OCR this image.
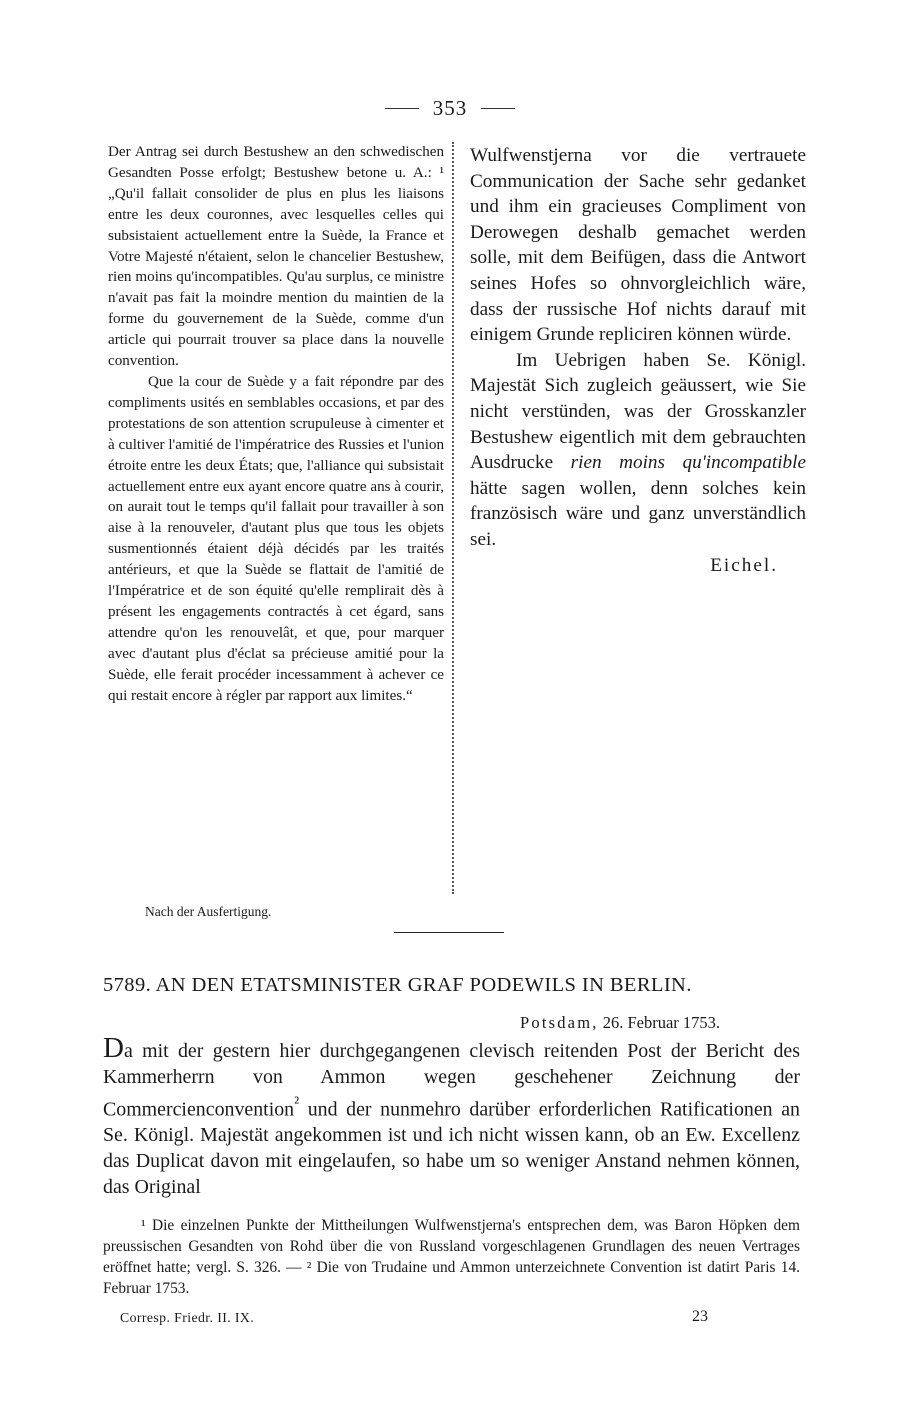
353

Der Antrag sei durch Bestushew an den schwedischen Gesandten Posse erfolgt; Bestushew betone u. A.: ¹ „Qu'il fallait consolider de plus en plus les liaisons entre les deux couronnes, avec lesquelles celles qui subsistaient actuellement entre la Suède, la France et Votre Majesté n'étaient, selon le chancelier Bestushew, rien moins qu'incompatibles. Qu'au surplus, ce ministre n'avait pas fait la moindre mention du maintien de la forme du gouvernement de la Suède, comme d'un article qui pourrait trouver sa place dans la nouvelle convention.

Que la cour de Suède y a fait répondre par des compliments usités en semblables occasions, et par des protestations de son attention scrupuleuse à cimenter et à cultiver l'amitié de l'impératrice des Russies et l'union étroite entre les deux États; que, l'alliance qui subsistait actuellement entre eux ayant encore quatre ans à courir, on aurait tout le temps qu'il fallait pour travailler à son aise à la renouveler, d'autant plus que tous les objets susmentionnés étaient déjà décidés par les traités antérieurs, et que la Suède se flattait de l'amitié de l'Impératrice et de son équité qu'elle remplirait dès à présent les engagements contractés à cet égard, sans attendre qu'on les renouvelât, et que, pour marquer avec d'autant plus d'éclat sa précieuse amitié pour la Suède, elle ferait procéder incessamment à achever ce qui restait encore à régler par rapport aux limites.“

Wulfwenstjerna vor die vertrauete Communication der Sache sehr gedanket und ihm ein gracieuses Compliment von Derowegen deshalb gemachet werden solle, mit dem Beifügen, dass die Antwort seines Hofes so ohnvorgleichlich wäre, dass der russische Hof nichts darauf mit einigem Grunde repliciren können würde.

Im Uebrigen haben Se. Königl. Majestät Sich zugleich geäussert, wie Sie nicht verstünden, was der Grosskanzler Bestushew eigentlich mit dem gebrauchten Ausdrucke rien moins qu'incompatible hätte sagen wollen, denn solches kein französisch wäre und ganz unverständlich sei.

Eichel.

Nach der Ausfertigung.
5789. AN DEN ETATSMINISTER GRAF PODEWILS IN BERLIN.
Potsdam, 26. Februar 1753.

Da mit der gestern hier durchgegangenen clevisch reitenden Post der Bericht des Kammerherrn von Ammon wegen geschehener Zeichnung der Commercienconvention$^{^2}$ und der nunmehro darüber erforderlichen Ratificationen an Se. Königl. Majestät angekommen ist und ich nicht wissen kann, ob an Ew. Excellenz das Duplicat davon mit eingelaufen, so habe um so weniger Anstand nehmen können, das Original

¹ Die einzelnen Punkte der Mittheilungen Wulfwenstjerna's entsprechen dem, was Baron Höpken dem preussischen Gesandten von Rohd über die von Russland vorgeschlagenen Grundlagen des neuen Vertrages eröffnet hatte; vergl. S. 326. — ² Die von Trudaine und Ammon unterzeichnete Convention ist datirt Paris 14. Februar 1753.

Corresp. Friedr. II. IX.	23
